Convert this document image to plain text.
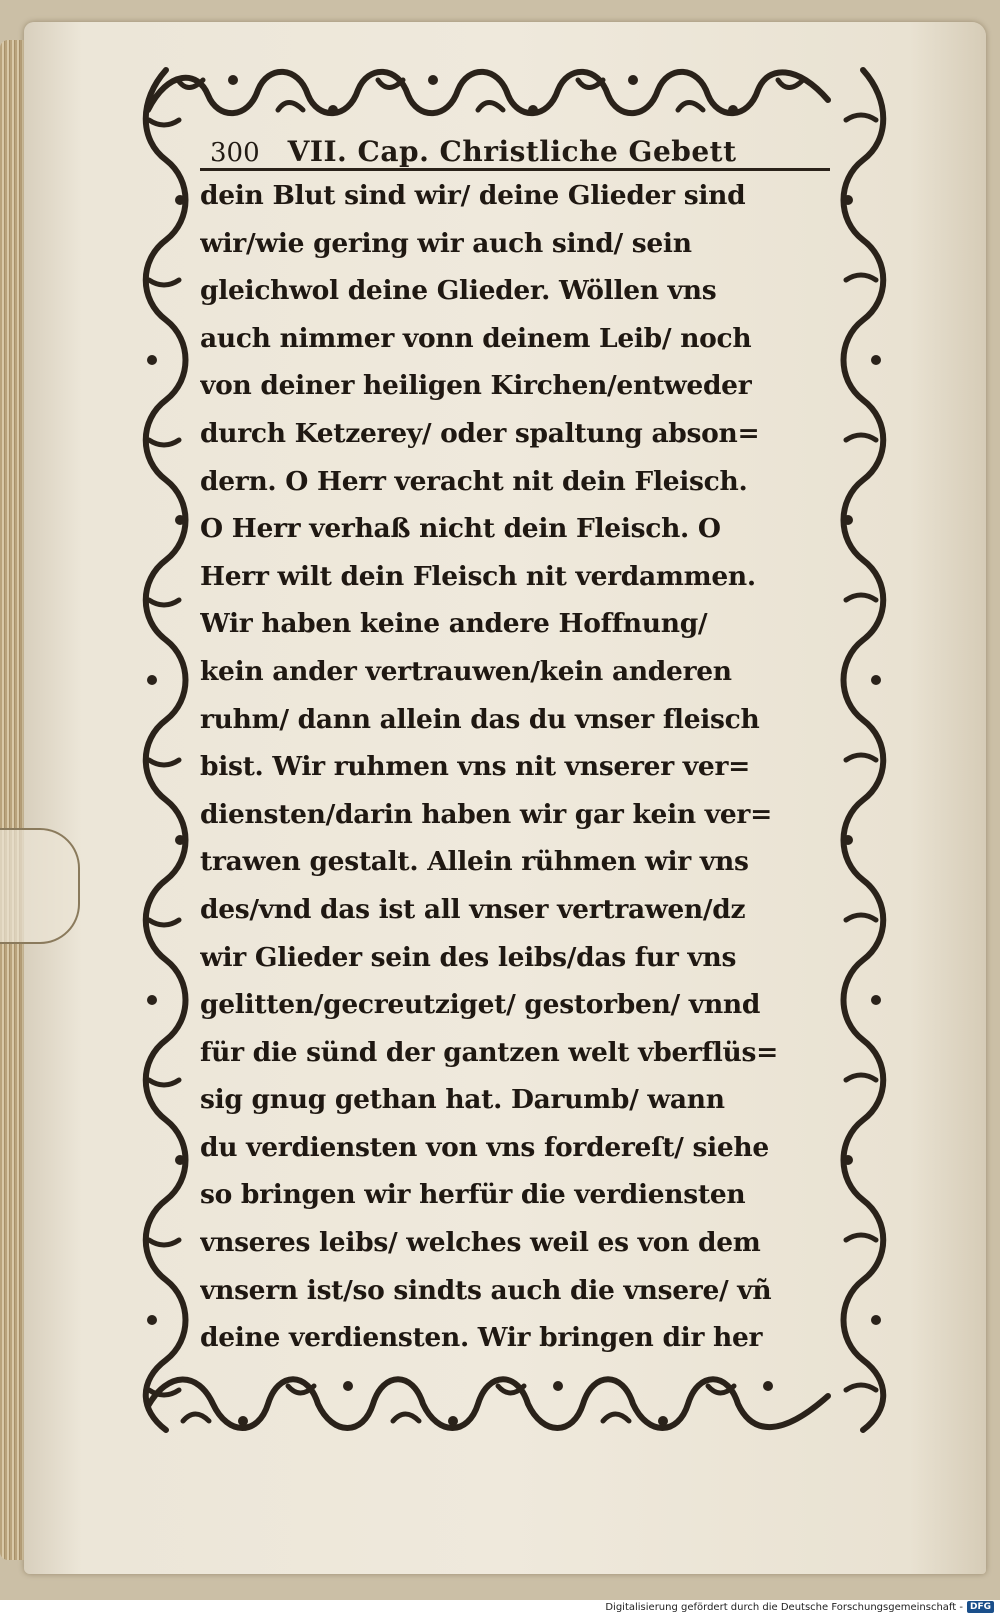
300 VII. Cap. Christliche Gebett
dein Blut sind wir/ deine Glieder sind
wir/wie gering wir auch sind/ sein
gleichwol deine Glieder. Wöllen vns
auch nimmer vonn deinem Leib/ noch
von deiner heiligen Kirchen/entweder
durch Ketzerey/ oder spaltung abson=
dern. O Herr veracht nit dein Fleisch.
O Herr verhaß nicht dein Fleisch. O
Herr wilt dein Fleisch nit verdammen.
Wir haben keine andere Hoffnung/
kein ander vertrauwen/kein anderen
ruhm/ dann allein das du vnser fleisch
bist. Wir ruhmen vns nit vnserer ver=
diensten/darin haben wir gar kein ver=
trawen gestalt. Allein rühmen wir vns
des/vnd das ist all vnser vertrawen/dz
wir Glieder sein des leibs/das fur vns
gelitten/gecreutziget/ gestorben/ vnnd
für die sünd der gantzen welt vberflüs=
sig gnug gethan hat. Darumb/ wann
du verdiensten von vns fordereſt/ siehe
so bringen wir herfür die verdiensten
vnseres leibs/ welches weil es von dem
vnsern ist/so sindts auch die vnsere/ vñ
deine verdiensten. Wir bringen dir her
Digitalisierung gefördert durch die Deutsche Forschungsgemeinschaft - DFG
